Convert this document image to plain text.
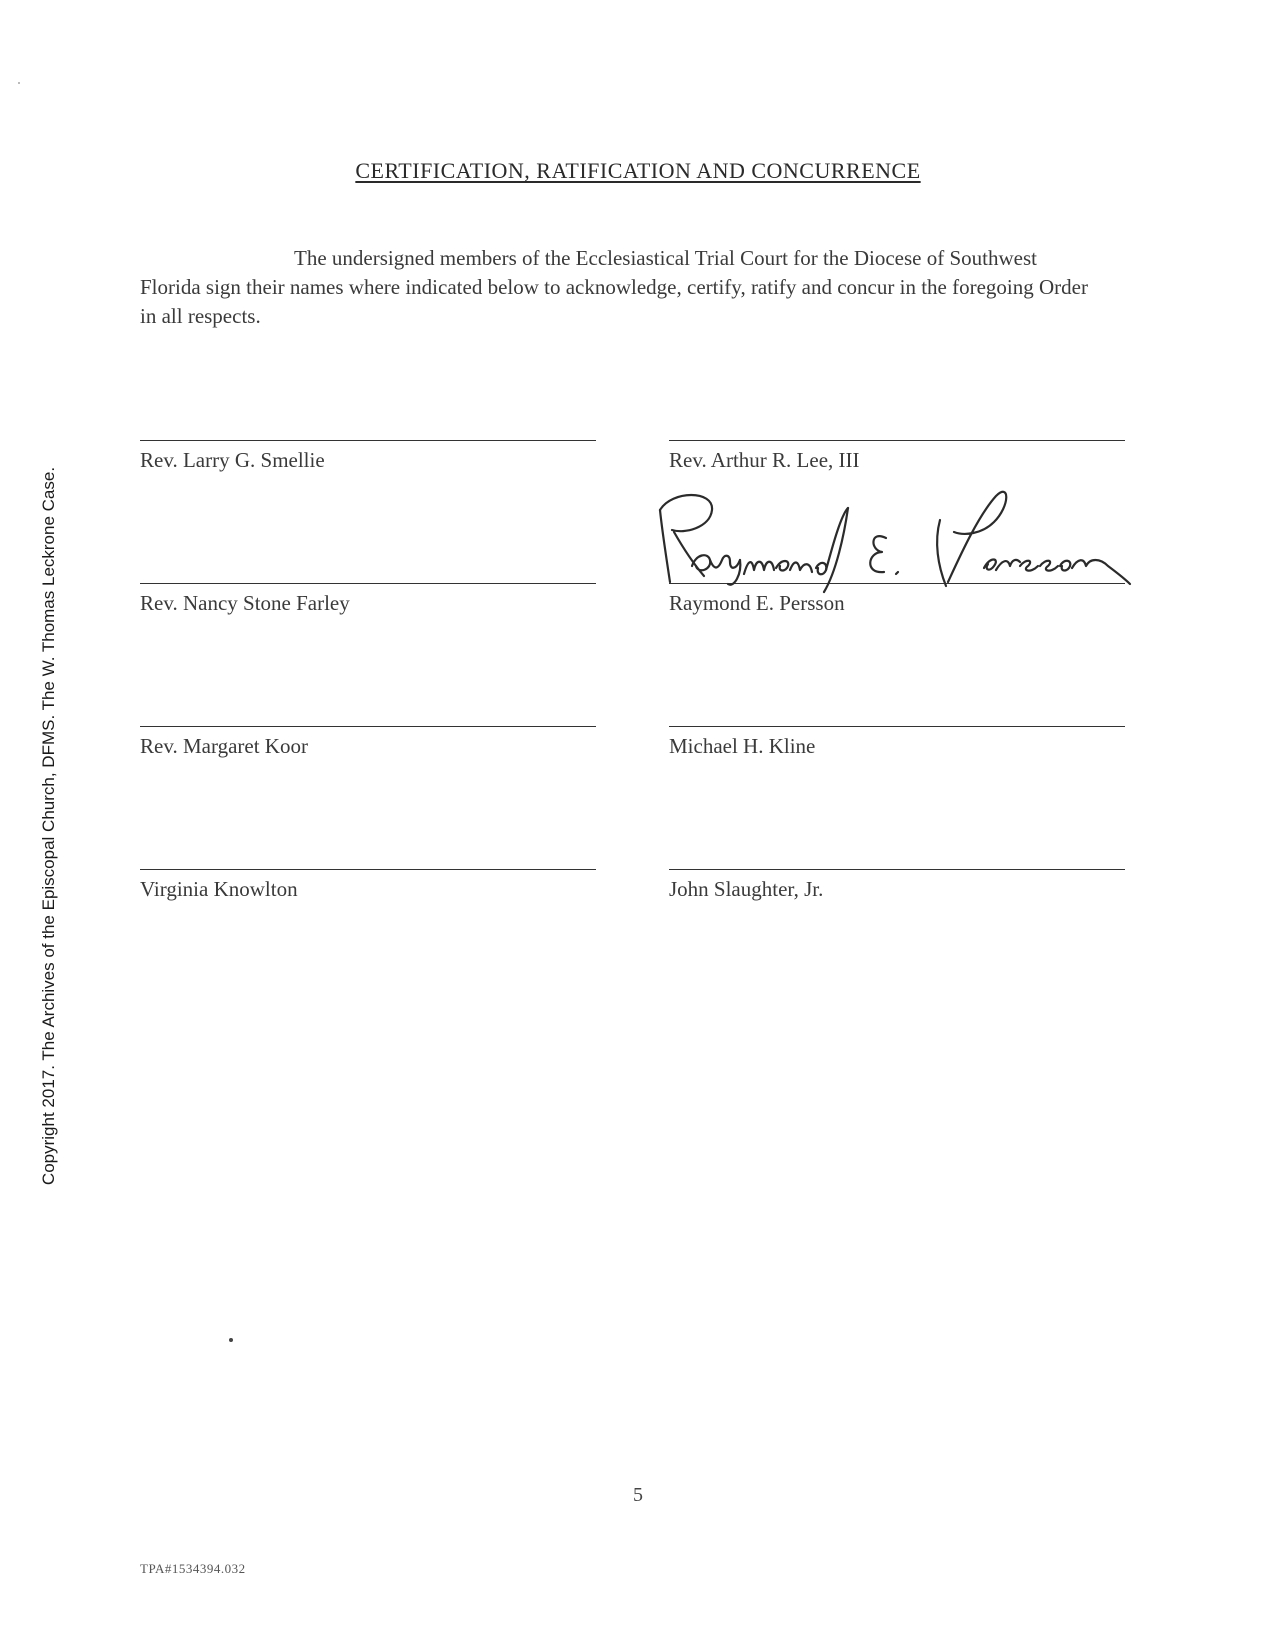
Copyright 2017. The Archives of the Episcopal Church, DFMS. The W. Thomas Leckrone Case.
CERTIFICATION, RATIFICATION AND CONCURRENCE
The undersigned members of the Ecclesiastical Trial Court for the Diocese of Southwest Florida sign their names where indicated below to acknowledge, certify, ratify and concur in the foregoing Order in all respects.
Rev. Larry G. Smellie
Rev. Nancy Stone Farley
Rev. Margaret Koor
Virginia Knowlton
Rev. Arthur R. Lee, III
Raymond E. Persson
Michael H. Kline
John Slaughter, Jr.
5
TPA#1534394.032
